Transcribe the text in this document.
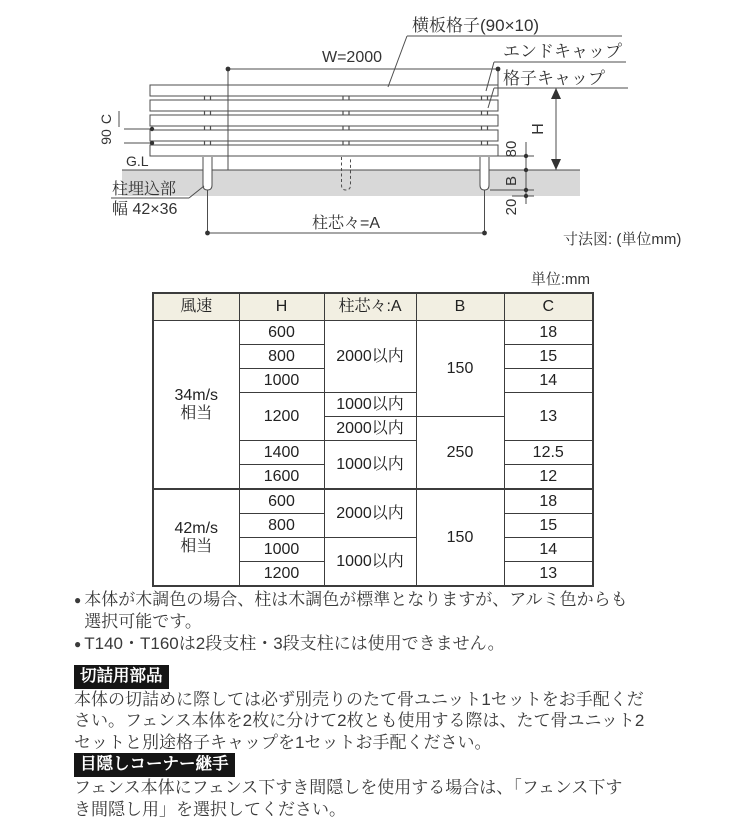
横板格子(90×10)
エンドキャップ
格子キャップ
W=2000
C
90
G.L
柱埋込部
幅 42×36
柱芯々=A
H
80
B
20
寸法図: (単位mm)
単位:mm
風速	H	柱芯々:A	B	C

34m/s
相当	600	2000以内	150	18
	800			15
	1000			14
	1200	1000以内		13
		2000以内	250	
	1400	1000以内		12.5
	1600			12

42m/s
相当	600	2000以内	150	18
	800			15
	1000	1000以内		14
	1200			13
● 本体が木調色の場合、柱は木調色が標準となりますが、アルミ色からも
選択可能です。
● T140・T160は2段支柱・3段支柱には使用できません。
切詰用部品
本体の切詰めに際しては必ず別売りのたて骨ユニット1セットをお手配くだ
さい。フェンス本体を2枚に分けて2枚とも使用する際は、たて骨ユニット2
セットと別途格子キャップを1セットお手配ください。
目隠しコーナー継手
フェンス本体にフェンス下すき間隠しを使用する場合は、「フェンス下す
き間隠し用」を選択してください。
